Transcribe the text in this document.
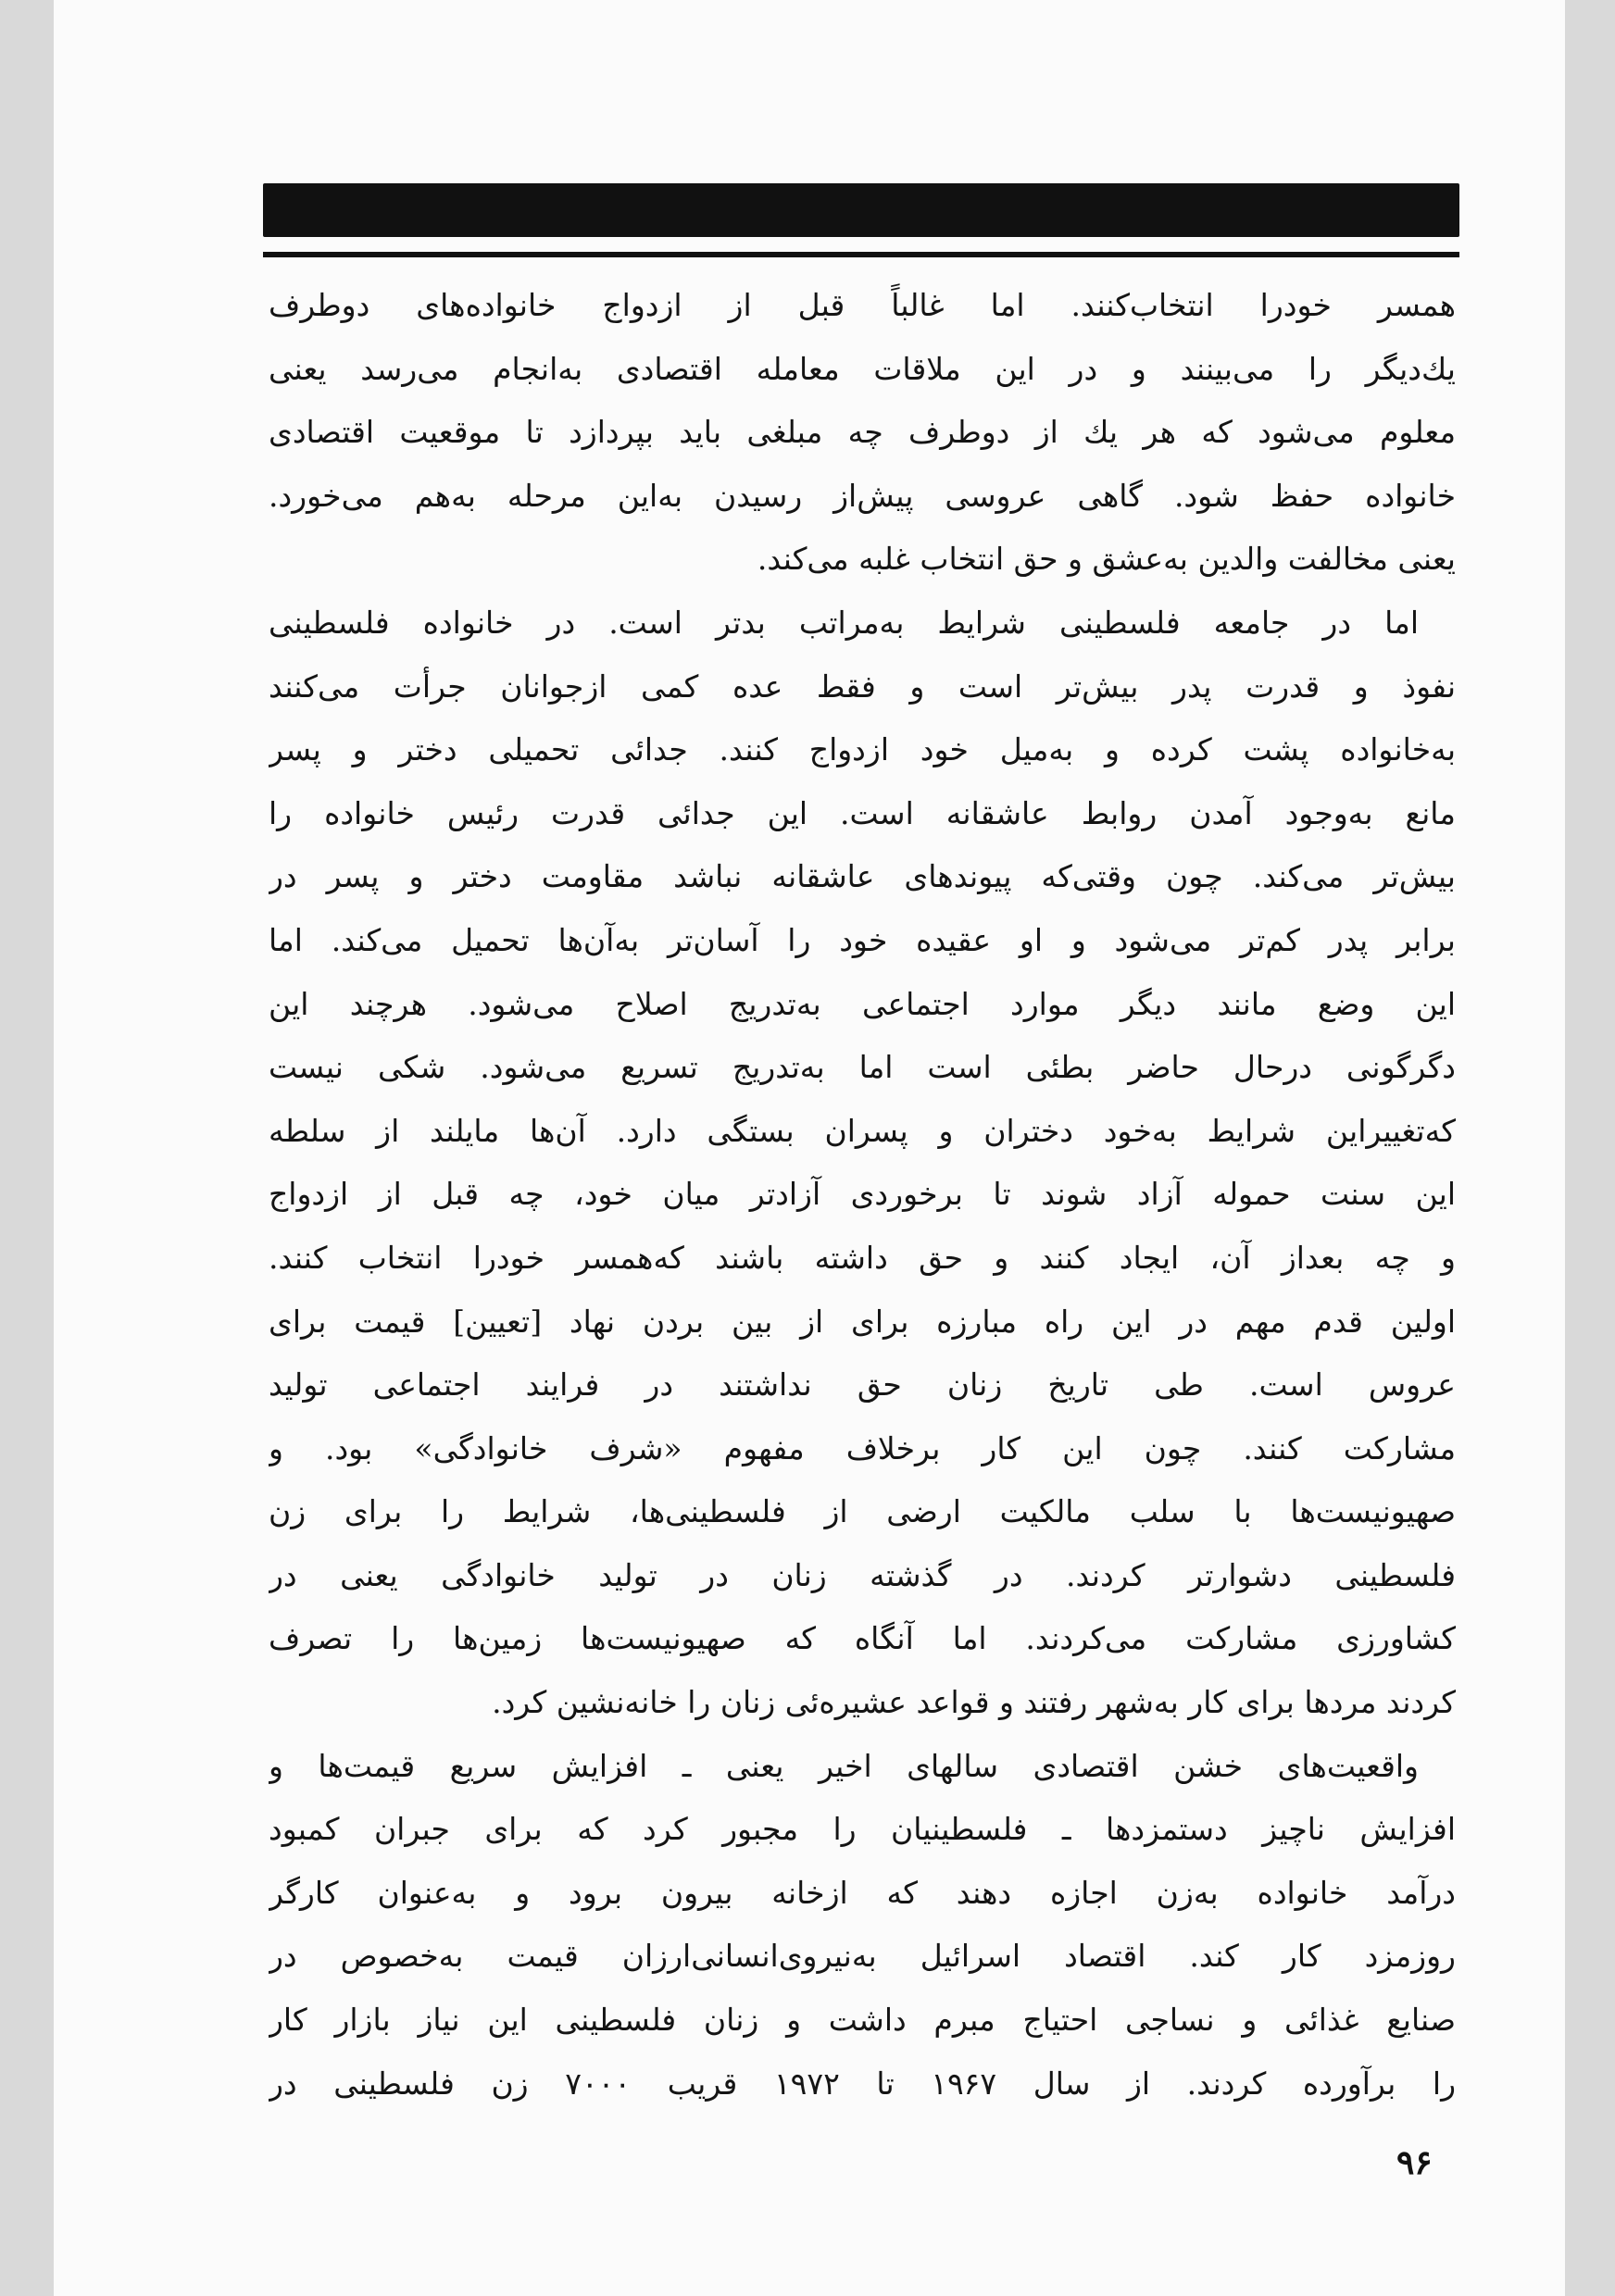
همسر خودرا انتخاب‌کنند. اما غالباً قبل از ازدواج خانواده‌های دوطرف
یك‌دیگر را می‌بینند و در این ملاقات معامله اقتصادی به‌انجام می‌رسد یعنی
معلوم می‌شود که هر یك از دوطرف چه مبلغی باید بپردازد تا موقعیت اقتصادی
خانواده حفظ شود. گاهی عروسی پیش‌از رسیدن به‌این مرحله به‌هم می‌خورد.
یعنی مخالفت والدین به‌عشق و حق انتخاب غلبه می‌کند.
اما در جامعه فلسطینی شرایط به‌مراتب بدتر است. در خانواده فلسطینی
نفوذ و قدرت پدر بیش‌تر است و فقط عده کمی ازجوانان جرأت می‌کنند
به‌خانواده پشت کرده و به‌میل خود ازدواج کنند. جدائی تحمیلی دختر و پسر
مانع به‌وجود آمدن روابط عاشقانه است. این جدائی قدرت رئیس خانواده را
بیش‌تر می‌کند. چون وقتی‌که پیوندهای عاشقانه نباشد مقاومت دختر و پسر در
برابر پدر کم‌تر می‌شود و او عقیده خود را آسان‌تر به‌آن‌ها تحمیل می‌کند. اما
این وضع مانند دیگر موارد اجتماعی به‌تدریج اصلاح می‌شود. هرچند این
دگرگونی درحال حاضر بطئی است اما به‌تدریج تسریع می‌شود. شکی نیست
که‌تغییراین شرایط به‌خود دختران و پسران بستگی دارد. آن‌ها مایلند از سلطه
این سنت حموله آزاد شوند تا برخوردی آزادتر میان خود، چه قبل از ازدواج
و چه بعداز آن، ایجاد کنند و حق داشته باشند که‌همسر خودرا انتخاب کنند.
اولین قدم مهم در این راه مبارزه برای از بین بردن نهاد [تعیین] قیمت برای
عروس است. طی تاریخ زنان حق نداشتند در فرایند اجتماعی تولید
مشارکت کنند. چون این کار برخلاف مفهوم «شرف خانوادگی» بود. و
صهیونیست‌ها با سلب مالکیت ارضی از فلسطینی‌ها، شرایط را برای زن
فلسطینی دشوارتر کردند. در گذشته زنان در تولید خانوادگی یعنی در
کشاورزی مشارکت می‌کردند. اما آنگاه که صهیونیست‌ها زمین‌ها را تصرف
کردند مردها برای کار به‌شهر رفتند و قواعد عشیره‌ئی زنان را خانه‌نشین کرد.
واقعیت‌های خشن اقتصادی سالهای اخیر یعنی ـ افزایش سریع قیمت‌ها و
افزایش ناچیز دستمزدها ـ فلسطینیان را مجبور کرد که برای جبران کمبود
درآمد خانواده به‌زن اجازه دهند که ازخانه بیرون برود و به‌عنوان کارگر
روزمزد کار کند. اقتصاد اسرائیل به‌نیروی‌انسانی‌ارزان قیمت به‌خصوص در
صنایع غذائی و نساجی احتیاج مبرم داشت و زنان فلسطینی این نیاز بازار کار
را برآورده کردند. از سال ۱۹۶۷ تا ۱۹۷۲ قریب ۷۰۰۰ زن فلسطینی در
۹۶
